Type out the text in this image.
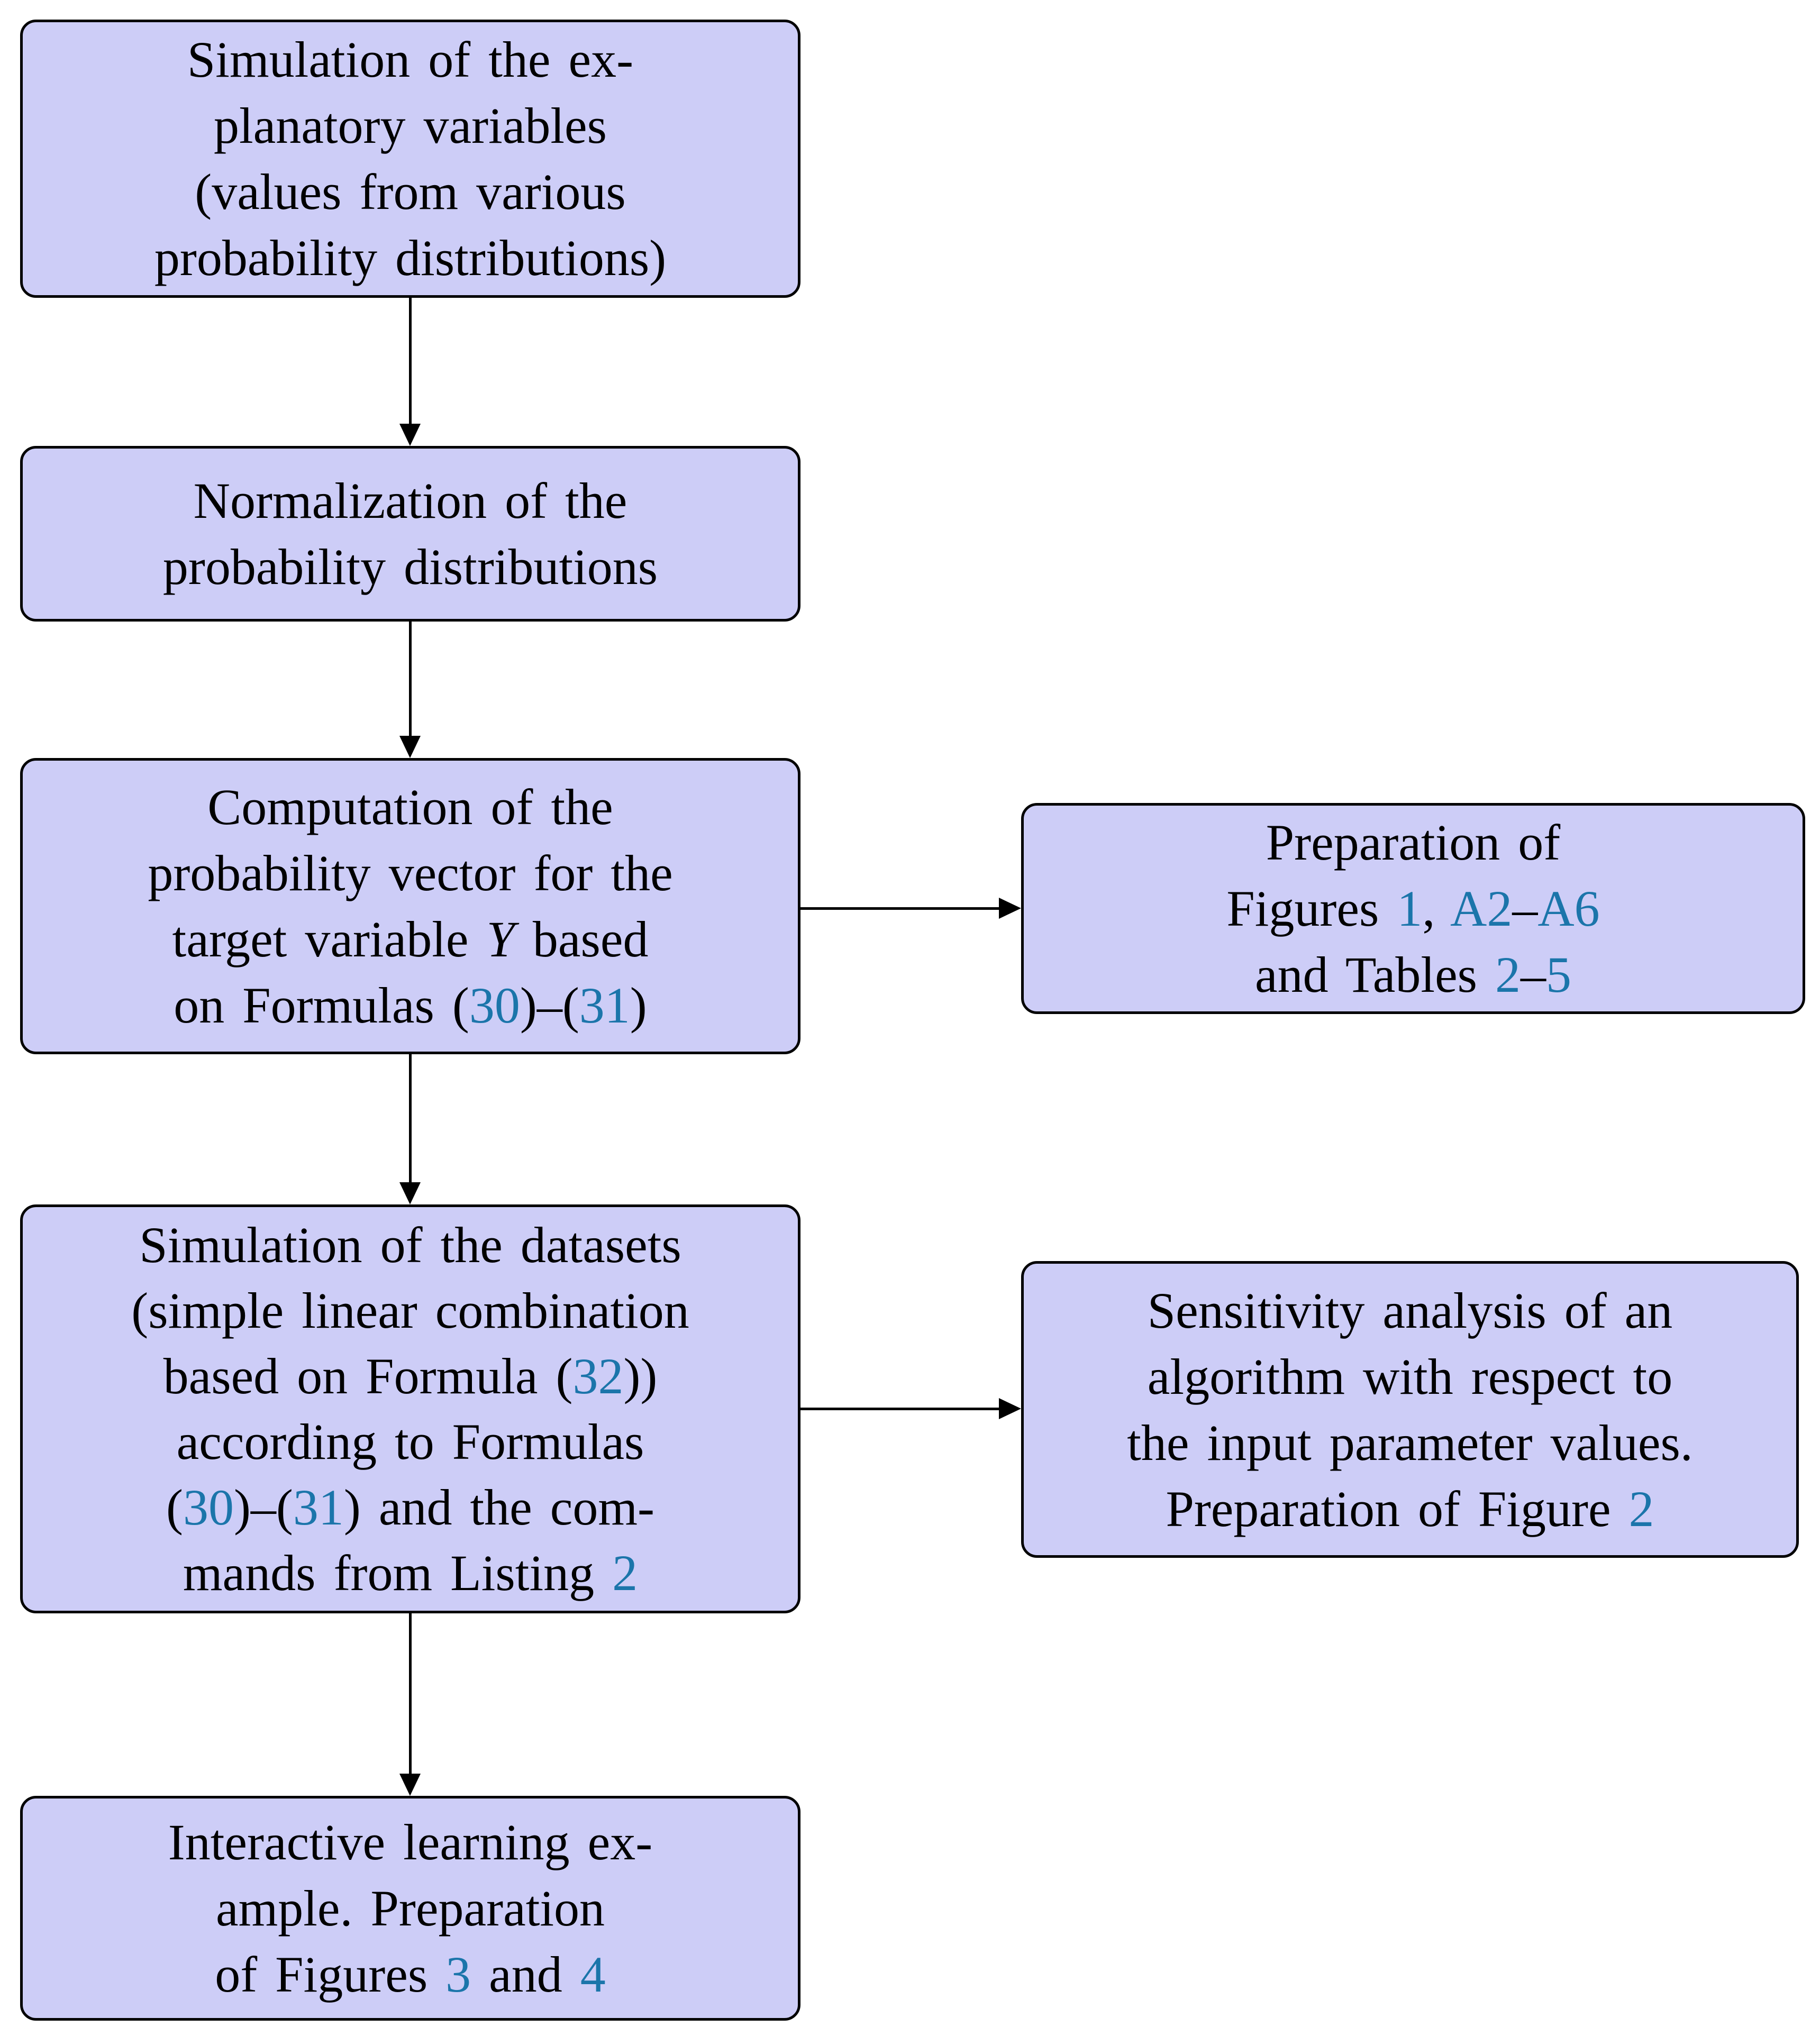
Simulation of the ex-
planatory variables
(values from various
probability distributions)
Normalization of the
probability distributions
Computation of the
probability vector for the
target variable Y based
on Formulas (30)–(31)
Simulation of the datasets
(simple linear combination
based on Formula (32))
according to Formulas
(30)–(31) and the com-
mands from Listing 2
Interactive learning ex-
ample. Preparation
of Figures 3 and 4
Preparation of
Figures 1, A2–A6
and Tables 2–5
Sensitivity analysis of an
algorithm with respect to
the input parameter values.
Preparation of Figure 2
